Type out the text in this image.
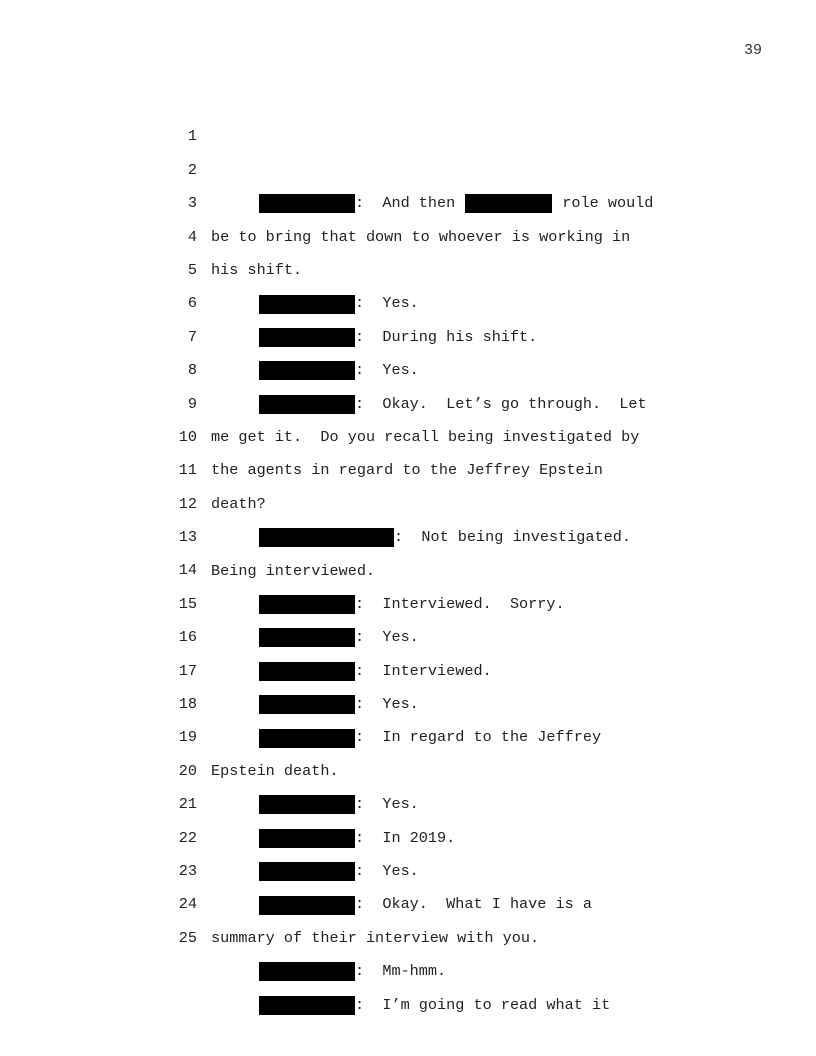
39

1

:  And then	role would

2

be to bring that down to whoever is working in

3

his shift.

4

:  Yes.

5

:  During his shift.

6

:  Yes.

7

:  Okay.  Let’s go through.  Let

8

me get it.  Do you recall being investigated by

9

the agents in regard to the Jeffrey Epstein

10

death?

11

:  Not being investigated.

12

Being interviewed.

13

:  Interviewed.  Sorry.

14

:  Yes.

15

:  Interviewed.

16

:  Yes.

17

:  In regard to the Jeffrey

18

Epstein death.

19

:  Yes.

20

:  In 2019.

21

:  Yes.

22

:  Okay.  What I have is a

23

summary of their interview with you.

24

:  Mm-hmm.

25

:  I’m going to read what it
